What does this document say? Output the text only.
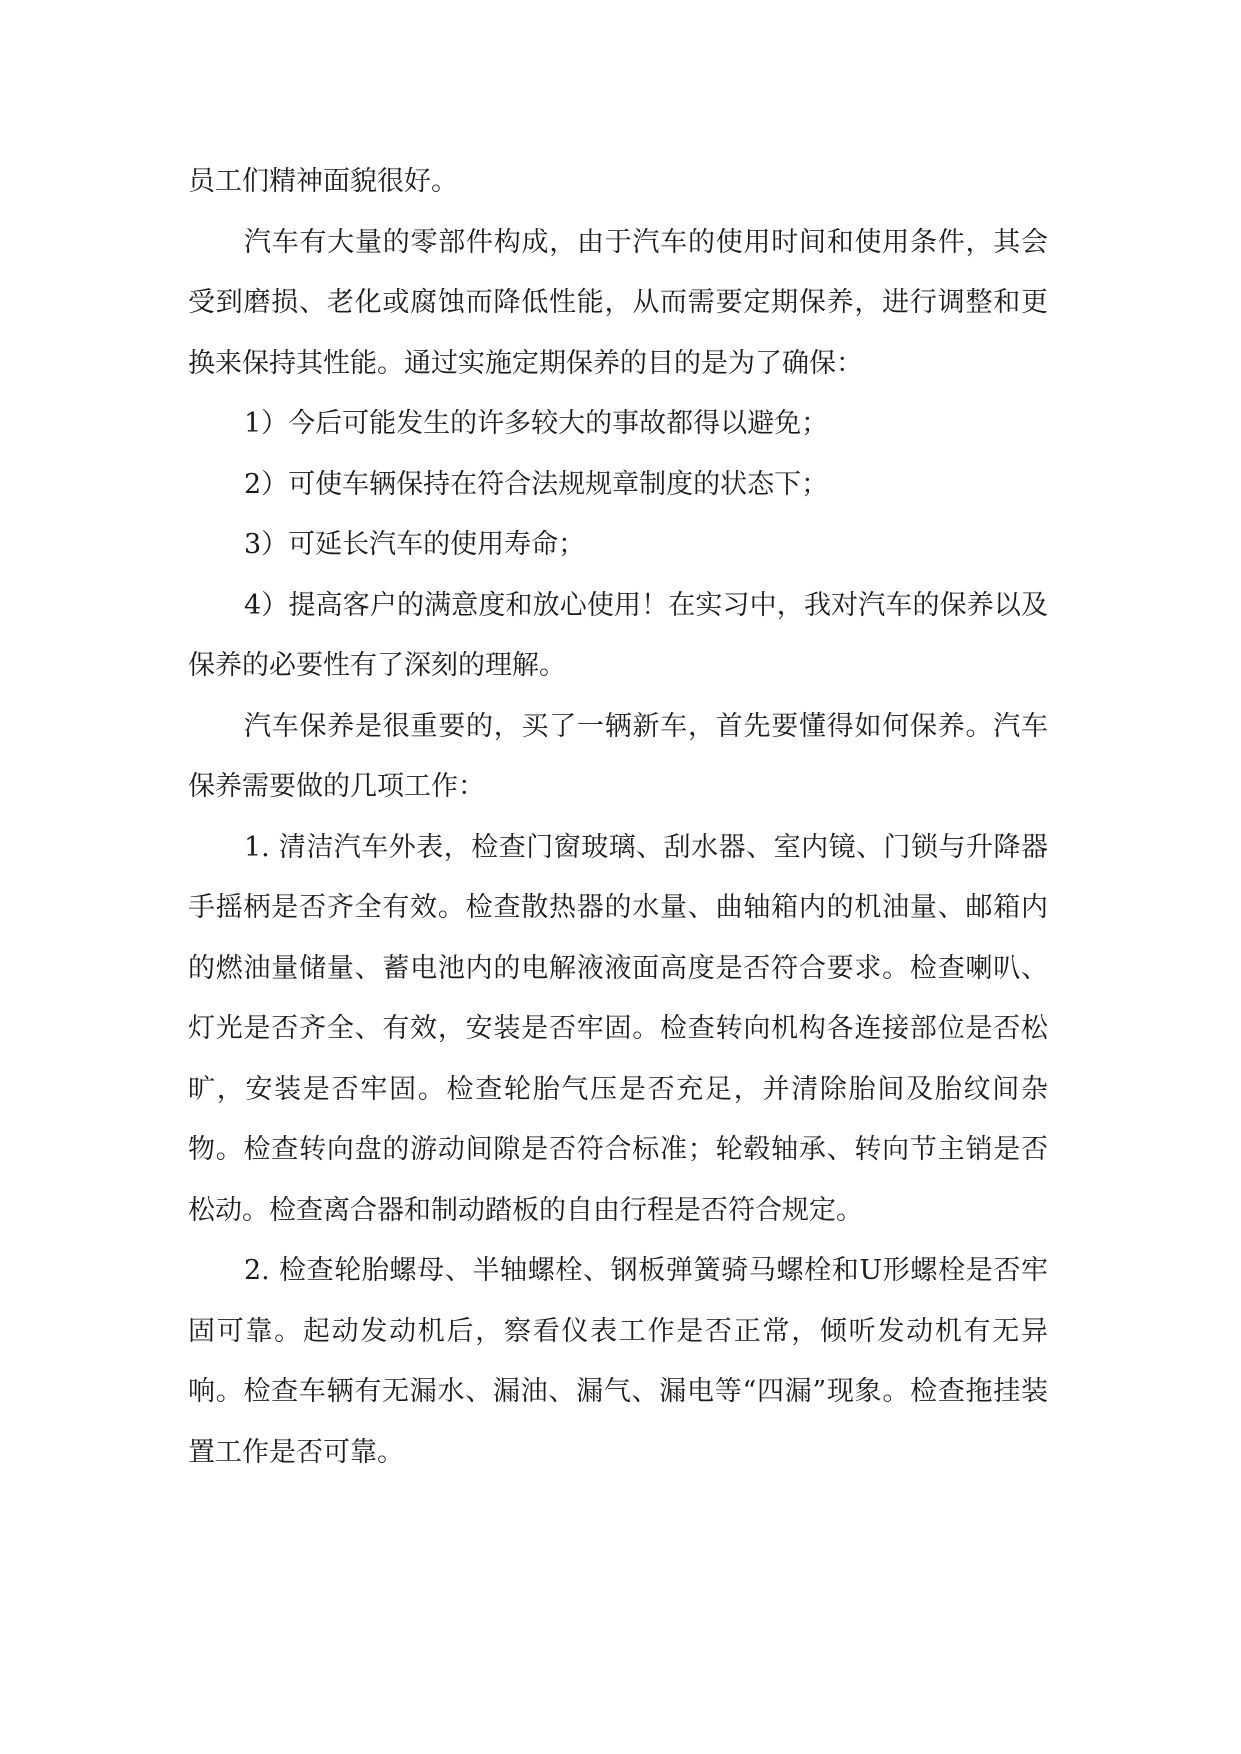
员工们精神面貌很好。

汽车有大量的零部件构成，由于汽车的使用时间和使用条件，其会受到磨损、老化或腐蚀而降低性能，从而需要定期保养，进行调整和更换来保持其性能。通过实施定期保养的目的是为了确保：

1）今后可能发生的许多较大的事故都得以避免；

2）可使车辆保持在符合法规规章制度的状态下；

3）可延长汽车的使用寿命；

4）提高客户的满意度和放心使用！在实习中，我对汽车的保养以及保养的必要性有了深刻的理解。

汽车保养是很重要的，买了一辆新车，首先要懂得如何保养。汽车保养需要做的几项工作：

1. 清洁汽车外表，检查门窗玻璃、刮水器、室内镜、门锁与升降器手摇柄是否齐全有效。检查散热器的水量、曲轴箱内的机油量、邮箱内的燃油量储量、蓄电池内的电解液液面高度是否符合要求。检查喇叭、灯光是否齐全、有效，安装是否牢固。检查转向机构各连接部位是否松旷，安装是否牢固。检查轮胎气压是否充足，并清除胎间及胎纹间杂物。检查转向盘的游动间隙是否符合标准；轮毂轴承、转向节主销是否松动。检查离合器和制动踏板的自由行程是否符合规定。

2. 检查轮胎螺母、半轴螺栓、钢板弹簧骑马螺栓和U形螺栓是否牢固可靠。起动发动机后，察看仪表工作是否正常，倾听发动机有无异响。检查车辆有无漏水、漏油、漏气、漏电等“四漏”现象。检查拖挂装置工作是否可靠。
